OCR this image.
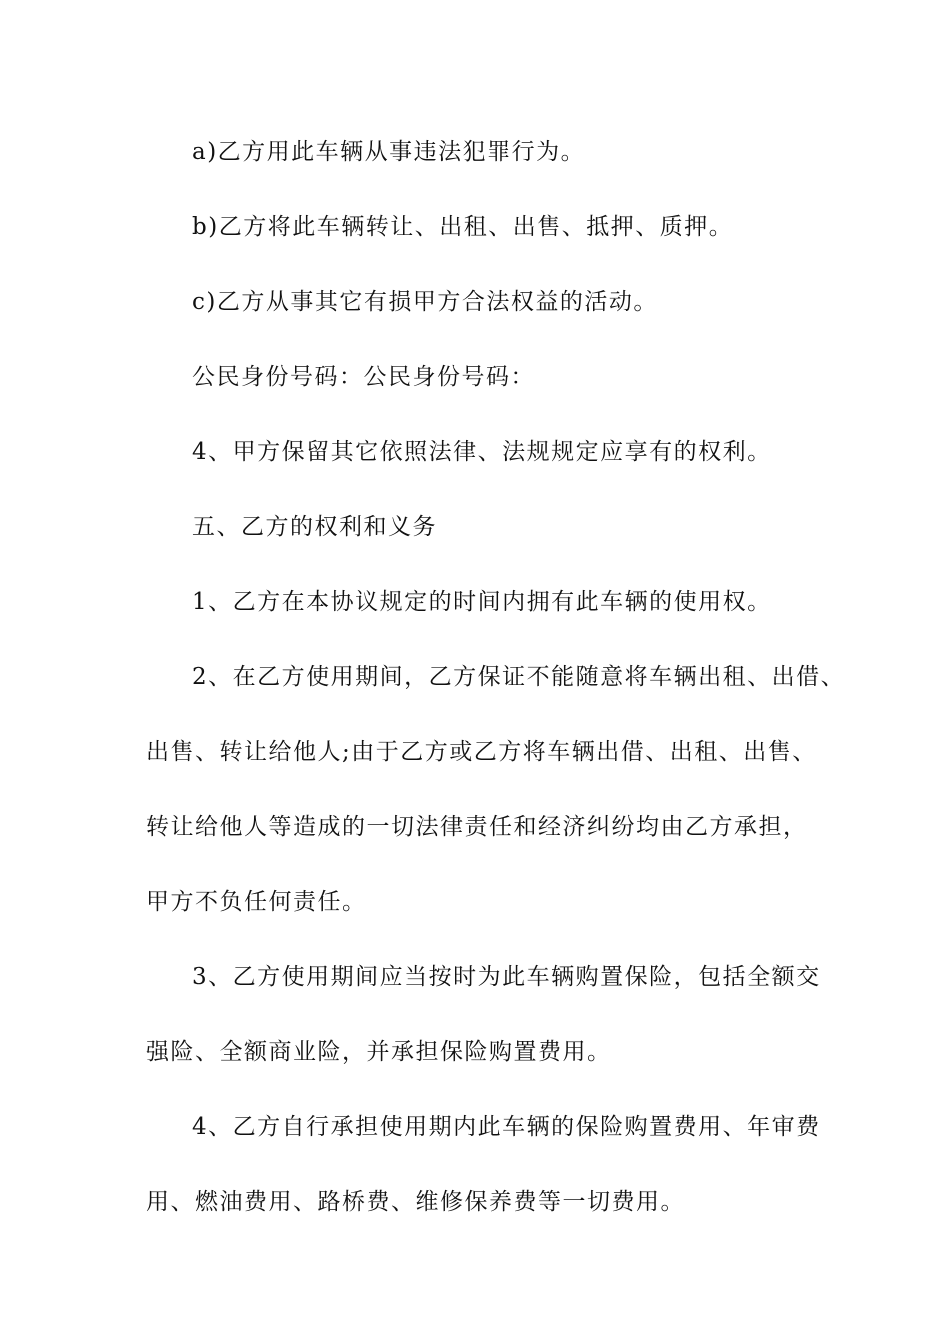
a)乙方用此车辆从事违法犯罪行为。
b)乙方将此车辆转让、出租、出售、抵押、质押。
c)乙方从事其它有损甲方合法权益的活动。
公民身份号码：公民身份号码：
4、甲方保留其它依照法律、法规规定应享有的权利。
五、乙方的权利和义务
1、乙方在本协议规定的时间内拥有此车辆的使用权。
2、在乙方使用期间，乙方保证不能随意将车辆出租、出借、
出售、转让给他人;由于乙方或乙方将车辆出借、出租、出售、
转让给他人等造成的一切法律责任和经济纠纷均由乙方承担，
甲方不负任何责任。
3、乙方使用期间应当按时为此车辆购置保险，包括全额交
强险、全额商业险，并承担保险购置费用。
4、乙方自行承担使用期内此车辆的保险购置费用、年审费
用、燃油费用、路桥费、维修保养费等一切费用。
